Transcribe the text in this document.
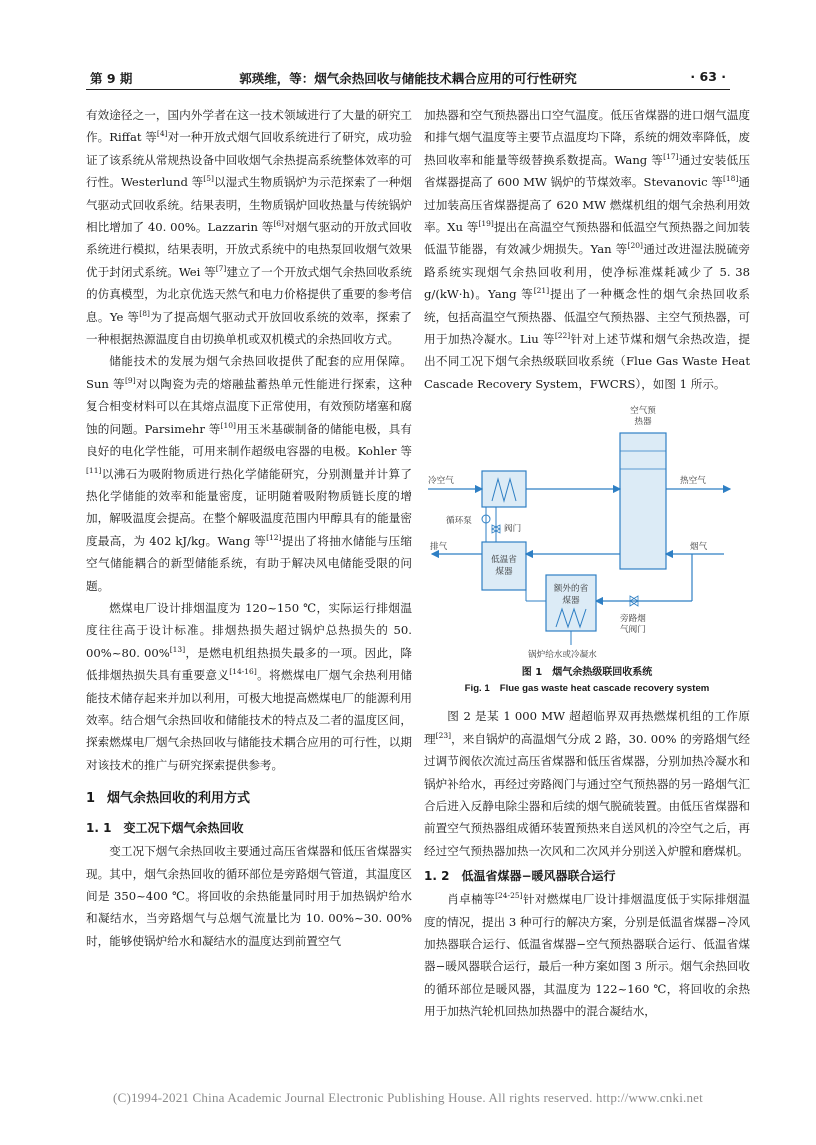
第 9 期	郭瑛维，等：烟气余热回收与储能技术耦合应用的可行性研究	· 63 ·

有效途径之一，国内外学者在这一技术领域进行了大量的研究工作。Riffat 等[4]对一种开放式烟气回收系统进行了研究，成功验证了该系统从常规热设备中回收烟气余热提高系统整体效率的可行性。Westerlund 等[5]以湿式生物质锅炉为示范探索了一种烟气驱动式回收系统。结果表明，生物质锅炉回收热量与传统锅炉相比增加了 40. 00%。Lazzarin 等[6]对烟气驱动的开放式回收系统进行模拟，结果表明，开放式系统中的电热泵回收烟气效果优于封闭式系统。Wei 等[7]建立了一个开放式烟气余热回收系统的仿真模型，为北京优选天然气和电力价格提供了重要的参考信息。Ye 等[8]为了提高烟气驱动式开放回收系统的效率，探索了一种根据热源温度自由切换单机或双机模式的余热回收方式。

储能技术的发展为烟气余热回收提供了配套的应用保障。Sun 等[9]对以陶瓷为壳的熔融盐蓄热单元性能进行探索，这种复合相变材料可以在其熔点温度下正常使用，有效预防堵塞和腐蚀的问题。Parsimehr 等[10]用玉米基碳制备的储能电极，具有良好的电化学性能，可用来制作超级电容器的电极。Kohler 等[11]以沸石为吸附物质进行热化学储能研究，分别测量并计算了热化学储能的效率和能量密度，证明随着吸附物质链长度的增加，解吸温度会提高。在整个解吸温度范围内甲醇具有的能量密度最高，为 402 kJ/kg。Wang 等[12]提出了将抽水储能与压缩空气储能耦合的新型储能系统，有助于解决风电储能受限的问题。

燃煤电厂设计排烟温度为 120~150 ℃，实际运行排烟温度往往高于设计标准。排烟热损失超过锅炉总热损失的 50. 00%~80. 00%[13]，是燃电机组热损失最多的一项。因此，降低排烟热损失具有重要意义[14-16]。将燃煤电厂烟气余热利用储能技术储存起来并加以利用，可极大地提高燃煤电厂的能源利用效率。结合烟气余热回收和储能技术的特点及二者的温度区间，探索燃煤电厂烟气余热回收与储能技术耦合应用的可行性，以期对该技术的推广与研究探索提供参考。

1 烟气余热回收的利用方式
1. 1 变工况下烟气余热回收

变工况下烟气余热回收主要通过高压省煤器和低压省煤器实现。其中，烟气余热回收的循环部位是旁路烟气管道，其温度区间是 350~400 ℃。将回收的余热能量同时用于加热锅炉给水和凝结水，当旁路烟气与总烟气流量比为 10. 00%~30. 00% 时，能够使锅炉给水和凝结水的温度达到前置空气

加热器和空气预热器出口空气温度。低压省煤器的进口烟气温度和排气烟气温度等主要节点温度均下降，系统的㶲效率降低，废热回收率和能量等级替换系数提高。Wang 等[17]通过安装低压省煤器提高了 600 MW 锅炉的节煤效率。Stevanovic 等[18]通过加装高压省煤器提高了 620 MW 燃煤机组的烟气余热利用效率。Xu 等[19]提出在高温空气预热器和低温空气预热器之间加装低温节能器，有效减少㶲损失。Yan 等[20]通过改进湿法脱硫旁路系统实现烟气余热回收利用，使净标准煤耗减少了 5. 38 g/(kW·h)。Yang 等[21]提出了一种概念性的烟气余热回收系统，包括高温空气预热器、低温空气预热器、主空气预热器，可用于加热冷凝水。Liu 等[22]针对上述节煤和烟气余热改造，提出不同工况下烟气余热级联回收系统（Flue Gas Waste Heat Cascade Recovery System，FWCRS），如图 1 所示。

空气预
热器
冷空气	热空气
循环泵
阀门
低温省
煤器
排气	烟气
旁路烟
气阀门
额外的省
煤器
锅炉给水或冷凝水
图 1 烟气余热级联回收系统
Fig. 1 Flue gas waste heat cascade recovery system

图 2 是某 1 000 MW 超超临界双再热燃煤机组的工作原理[23]，来自锅炉的高温烟气分成 2 路，30. 00% 的旁路烟气经过调节阀依次流过高压省煤器和低压省煤器，分别加热冷凝水和锅炉补给水，再经过旁路阀门与通过空气预热器的另一路烟气汇合后进入反静电除尘器和后续的烟气脱硫装置。由低压省煤器和前置空气预热器组成循环装置预热来自送风机的冷空气之后，再经过空气预热器加热一次风和二次风并分别送入炉膛和磨煤机。

1. 2 低温省煤器−暖风器联合运行

肖卓楠等[24-25]针对燃煤电厂设计排烟温度低于实际排烟温度的情况，提出 3 种可行的解决方案，分别是低温省煤器−冷风加热器联合运行、低温省煤器−空气预热器联合运行、低温省煤器−暖风器联合运行，最后一种方案如图 3 所示。烟气余热回收的循环部位是暖风器，其温度为 122~160 ℃，将回收的余热用于加热汽轮机回热加热器中的混合凝结水，

(C)1994-2021 China Academic Journal Electronic Publishing House. All rights reserved. http://www.cnki.net
